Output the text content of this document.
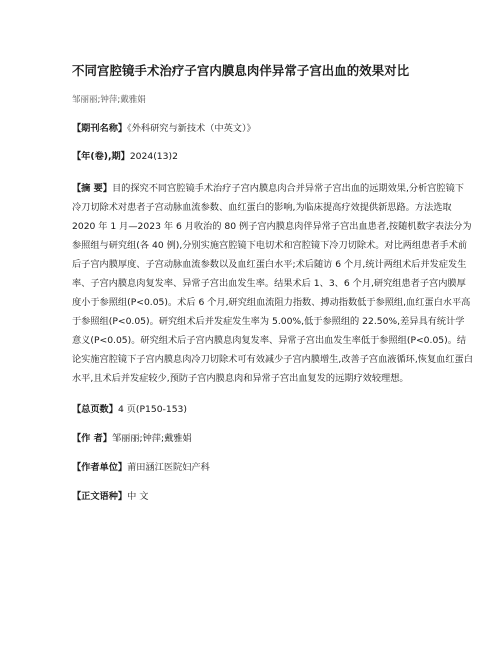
不同宫腔镜手术治疗子宫内膜息肉伴异常子宫出血的效果对比
邹丽丽;钟萍;戴雅娟
【期刊名称】《外科研究与新技术（中英文）》
【年(卷),期】2024(13)2
【摘 要】目的探究不同宫腔镜手术治疗子宫内膜息肉合并异常子宫出血的远期效果,分析宫腔镜下冷刀切除术对患者子宫动脉血流参数、血红蛋白的影响,为临床提高疗效提供新思路。方法选取 2020 年 1 月—2023 年 6 月收治的 80 例子宫内膜息肉伴异常子宫出血患者,按随机数字表法分为参照组与研究组(各 40 例),分别实施宫腔镜下电切术和宫腔镜下冷刀切除术。对比两组患者手术前后子宫内膜厚度、子宫动脉血流参数以及血红蛋白水平;术后随访 6 个月,统计两组术后并发症发生率、子宫内膜息肉复发率、异常子宫出血发生率。结果术后 1、3、6 个月,研究组患者子宫内膜厚度小于参照组(P<0.05)。术后 6 个月,研究组血流阻力指数、搏动指数低于参照组,血红蛋白水平高于参照组(P<0.05)。研究组术后并发症发生率为 5.00%,低于参照组的 22.50%,差异具有统计学意义(P<0.05)。研究组术后子宫内膜息肉复发率、异常子宫出血发生率低于参照组(P<0.05)。结论实施宫腔镜下子宫内膜息肉冷刀切除术可有效减少子宫内膜增生,改善子宫血液循环,恢复血红蛋白水平,且术后并发症较少,预防子宫内膜息肉和异常子宫出血复发的远期疗效较理想。
【总页数】4 页(P150-153)
【作 者】邹丽丽;钟萍;戴雅娟
【作者单位】莆田涵江医院妇产科
【正文语种】中 文
